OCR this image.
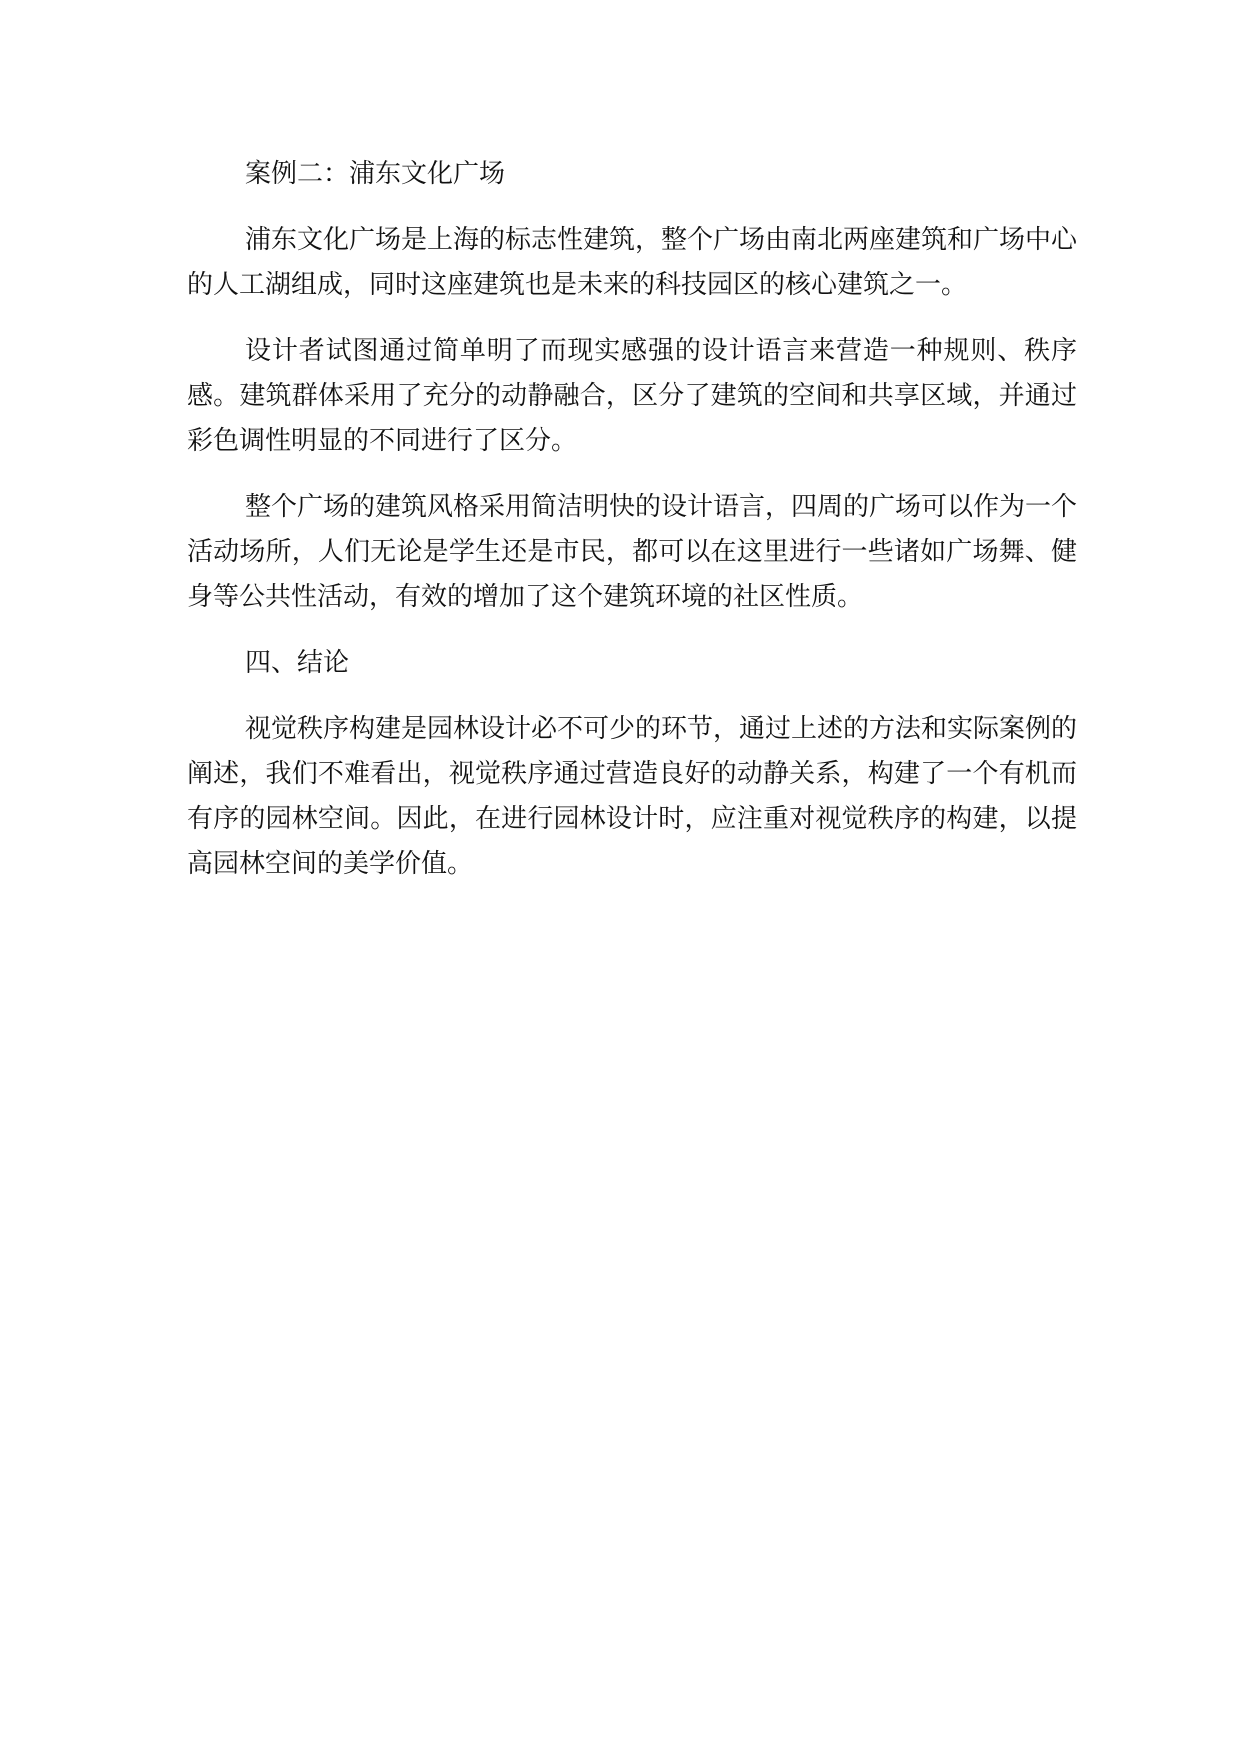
案例二：浦东文化广场

浦东文化广场是上海的标志性建筑，整个广场由南北两座建筑和广场中心的人工湖组成，同时这座建筑也是未来的科技园区的核心建筑之一。

设计者试图通过简单明了而现实感强的设计语言来营造一种规则、秩序感。建筑群体采用了充分的动静融合，区分了建筑的空间和共享区域，并通过彩色调性明显的不同进行了区分。

整个广场的建筑风格采用简洁明快的设计语言，四周的广场可以作为一个活动场所，人们无论是学生还是市民，都可以在这里进行一些诸如广场舞、健身等公共性活动，有效的增加了这个建筑环境的社区性质。

四、结论

视觉秩序构建是园林设计必不可少的环节，通过上述的方法和实际案例的阐述，我们不难看出，视觉秩序通过营造良好的动静关系，构建了一个有机而有序的园林空间。因此，在进行园林设计时，应注重对视觉秩序的构建，以提高园林空间的美学价值。
